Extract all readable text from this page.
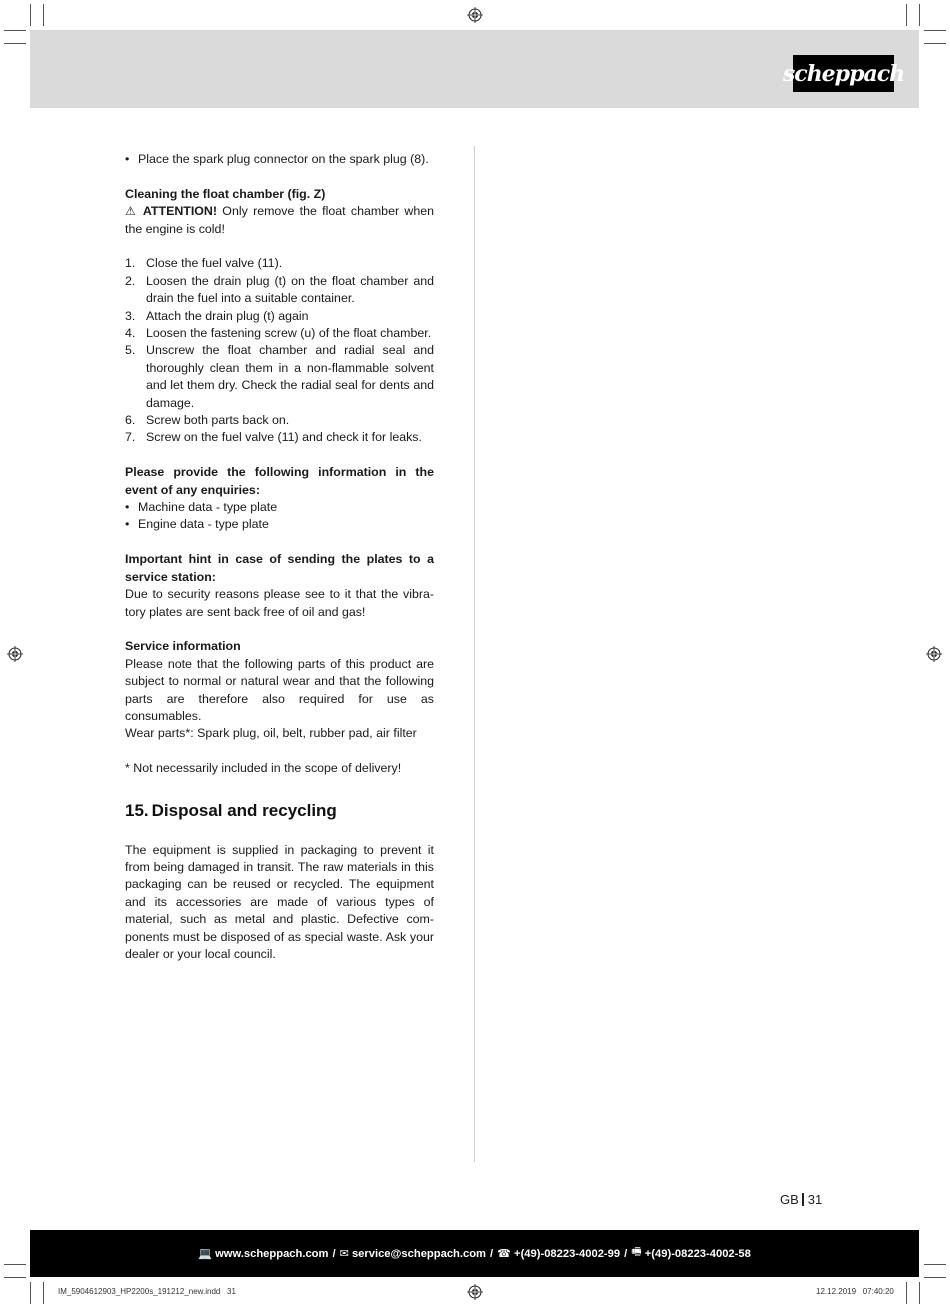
scheppach
• Place the spark plug connector on the spark plug (8).

Cleaning the float chamber (fig. Z)

⚠ ATTENTION! Only remove the float chamber when the engine is cold!

1. Close the fuel valve (11).
2. Loosen the drain plug (t) on the float chamber and drain the fuel into a suitable container.
3. Attach the drain plug (t) again
4. Loosen the fastening screw (u) of the float chamber.
5. Unscrew the float chamber and radial seal and thoroughly clean them in a non-flammable solvent and let them dry. Check the radial seal for dents and damage.
6. Screw both parts back on.
7. Screw on the fuel valve (11) and check it for leaks.

Please provide the following information in the event of any enquiries:

• Machine data - type plate
• Engine data - type plate

Important hint in case of sending the plates to a service station:

Due to security reasons please see to it that the vibratory plates are sent back free of oil and gas!

Service information

Please note that the following parts of this product are subject to normal or natural wear and that the following parts are therefore also required for use as consumables.

Wear parts*: Spark plug, oil, belt, rubber pad, air filter

* Not necessarily included in the scope of delivery!

15. Disposal and recycling

The equipment is supplied in packaging to prevent it from being damaged in transit. The raw materials in this packaging can be reused or recycled. The equipment and its accessories are made of various types of material, such as metal and plastic. Defective components must be disposed of as special waste. Ask your dealer or your local council.

GB 31
💻 www.scheppach.com / ✉ service@scheppach.com / ☎ +(49)-08223-4002-99 / 🖷 +(49)-08223-4002-58
IM_5904612903_HP2200s_191212_new.indd   31	12.12.2019   07:40:20
